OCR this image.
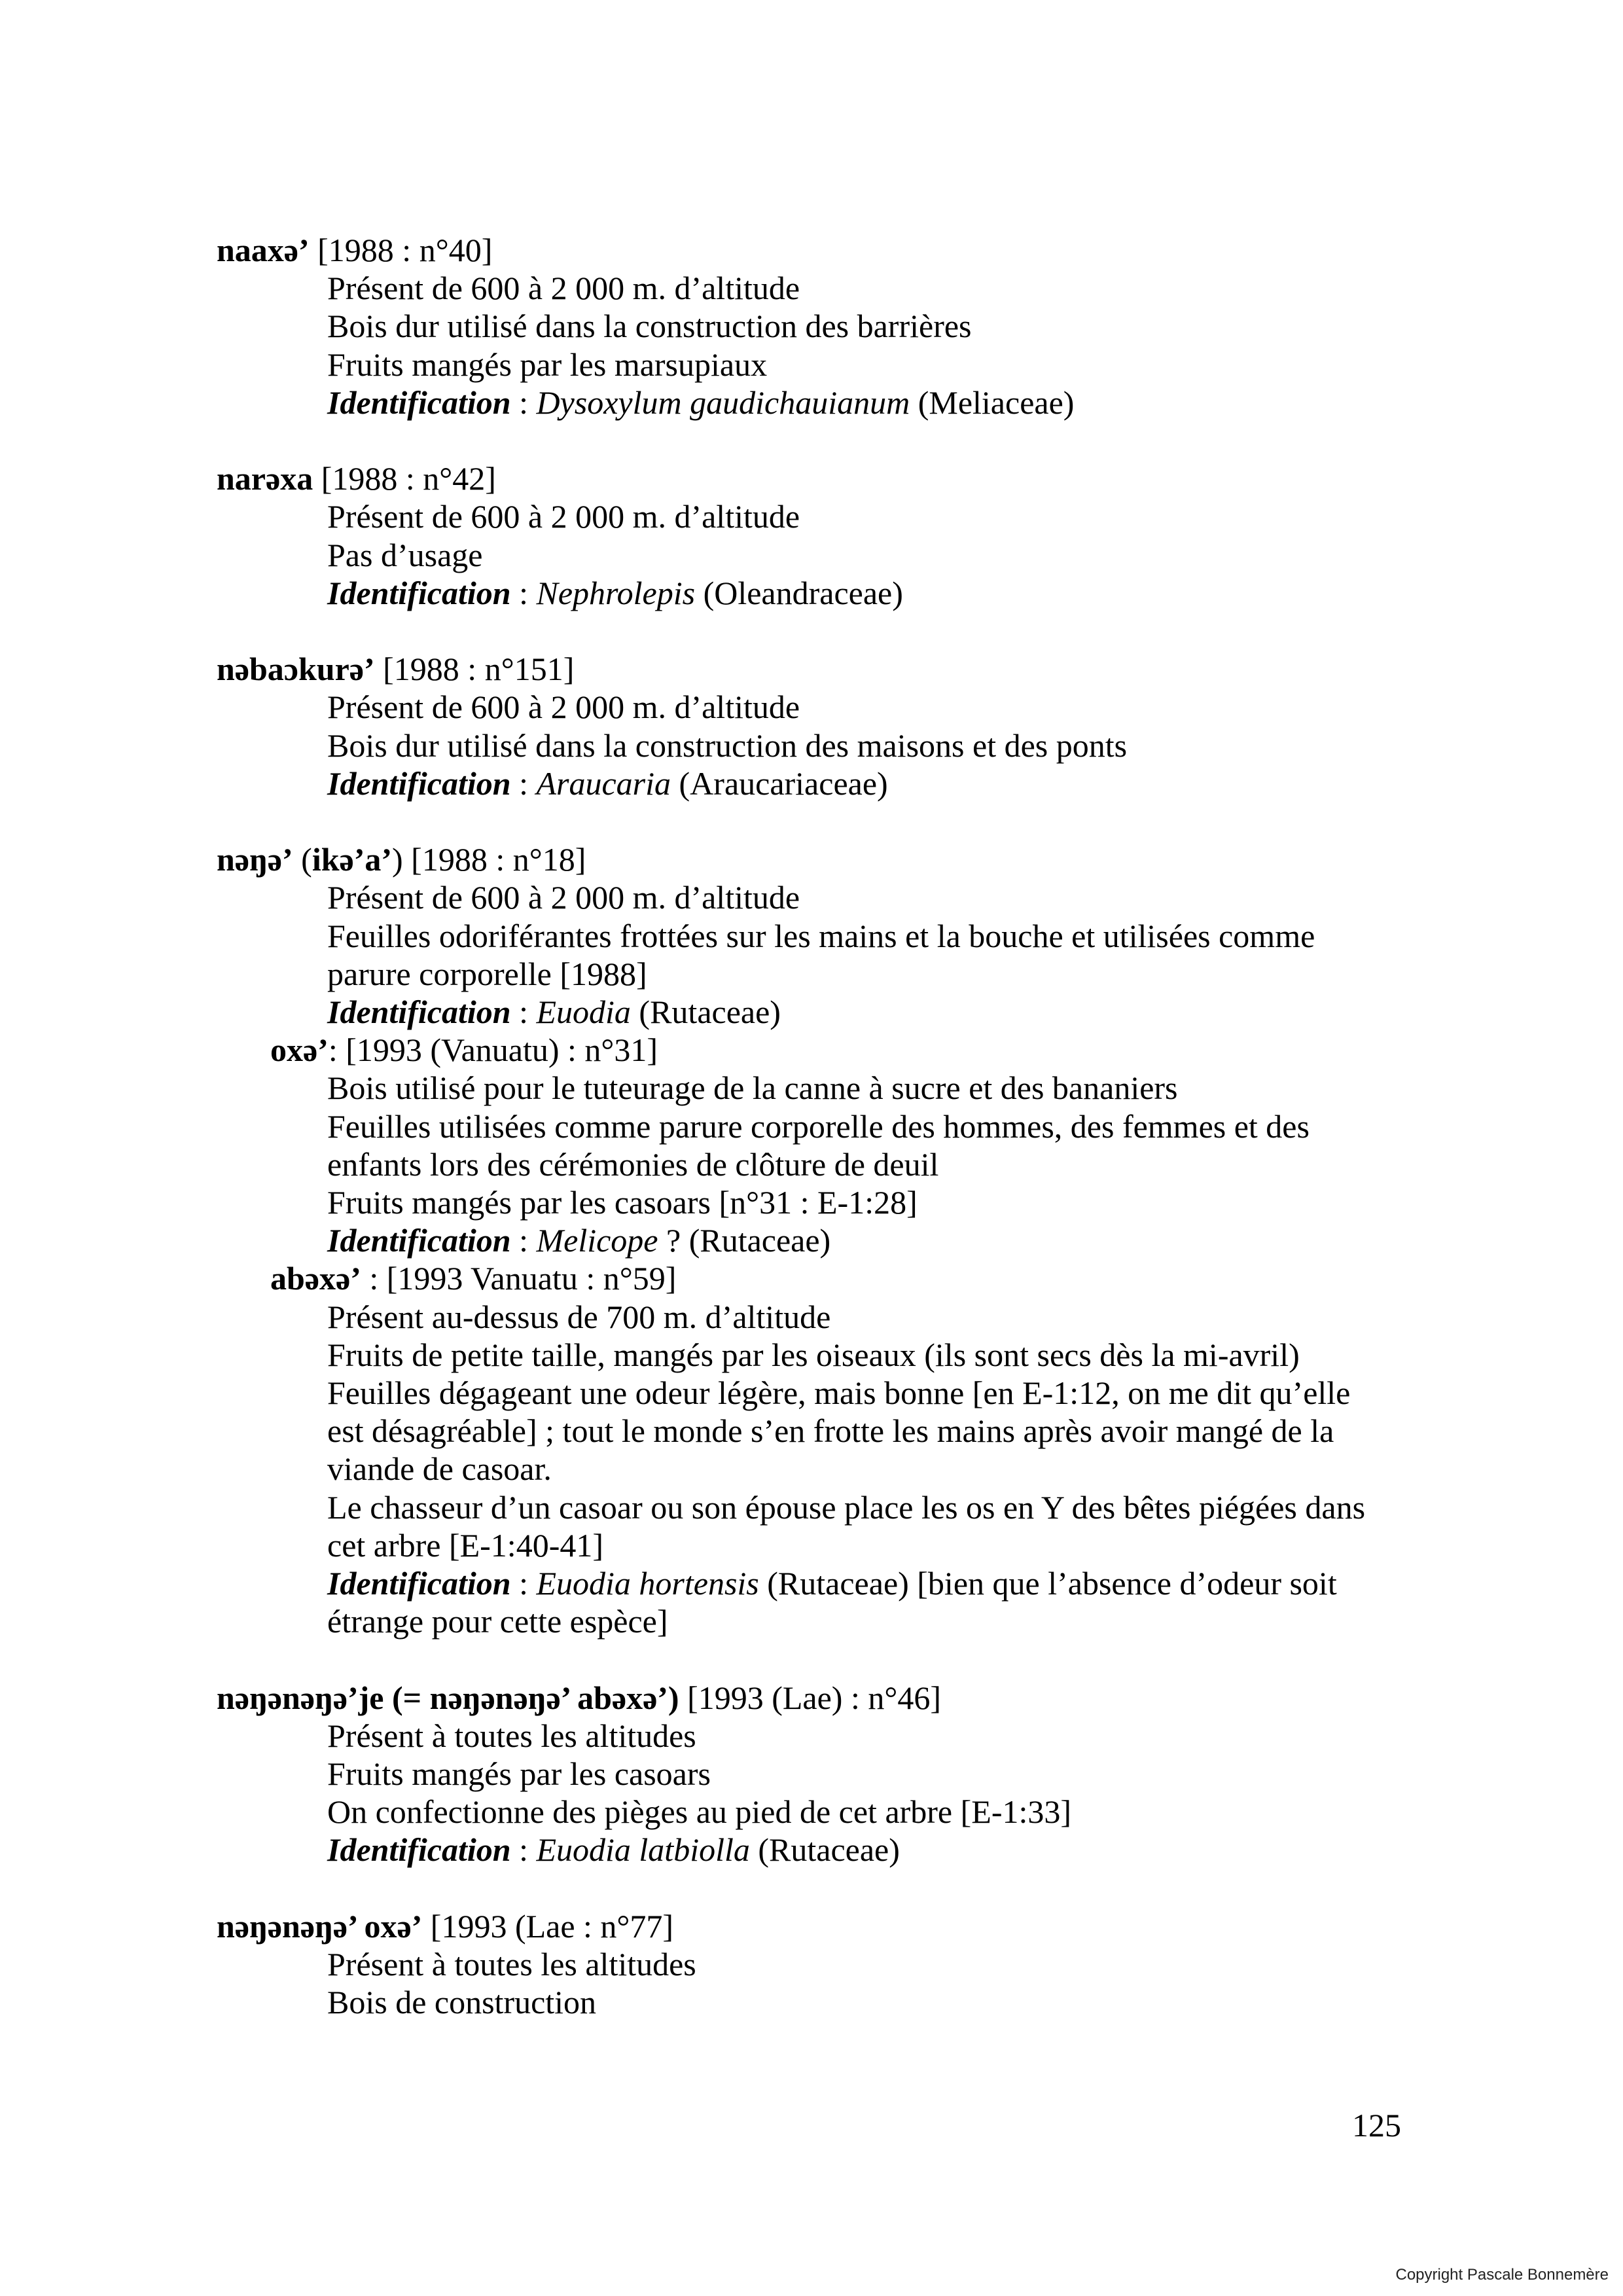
naaxə’ [1988 : n°40]
Présent de 600 à 2 000 m. d’altitude
Bois dur utilisé dans la construction des barrières
Fruits mangés par les marsupiaux
Identification : Dysoxylum gaudichauianum (Meliaceae)
narəxa [1988 : n°42]
Présent de 600 à 2 000 m. d’altitude
Pas d’usage
Identification : Nephrolepis (Oleandraceae)
nəbaɔkurə’ [1988 : n°151]
Présent de 600 à 2 000 m. d’altitude
Bois dur utilisé dans la construction des maisons et des ponts
Identification : Araucaria (Araucariaceae)
nəŋə’ (ikə’a’) [1988 : n°18]
Présent de 600 à 2 000 m. d’altitude
Feuilles odoriférantes frottées sur les mains et la bouche et utilisées comme
parure corporelle [1988]
Identification : Euodia (Rutaceae)
oxə’: [1993 (Vanuatu) : n°31]
Bois utilisé pour le tuteurage de la canne à sucre et des bananiers
Feuilles utilisées comme parure corporelle des hommes, des femmes et des
enfants lors des cérémonies de clôture de deuil
Fruits mangés par les casoars [n°31 : E-1:28]
Identification : Melicope ? (Rutaceae)
abəxə’ : [1993 Vanuatu : n°59]
Présent au-dessus de 700 m. d’altitude
Fruits de petite taille, mangés par les oiseaux (ils sont secs dès la mi-avril)
Feuilles dégageant une odeur légère, mais bonne [en E-1:12, on me dit qu’elle
est désagréable] ; tout le monde s’en frotte les mains après avoir mangé de la
viande de casoar.
Le chasseur d’un casoar ou son épouse place les os en Y des bêtes piégées dans
cet arbre [E-1:40-41]
Identification : Euodia hortensis (Rutaceae) [bien que l’absence d’odeur soit
étrange pour cette espèce]
nəŋənəŋə’je (= nəŋənəŋə’ abəxə’) [1993 (Lae) : n°46]
Présent à toutes les altitudes
Fruits mangés par les casoars
On confectionne des pièges au pied de cet arbre [E-1:33]
Identification : Euodia latbiolla (Rutaceae)
nəŋənəŋə’ oxə’ [1993 (Lae : n°77]
Présent à toutes les altitudes
Bois de construction
125
Copyright Pascale Bonnemère
